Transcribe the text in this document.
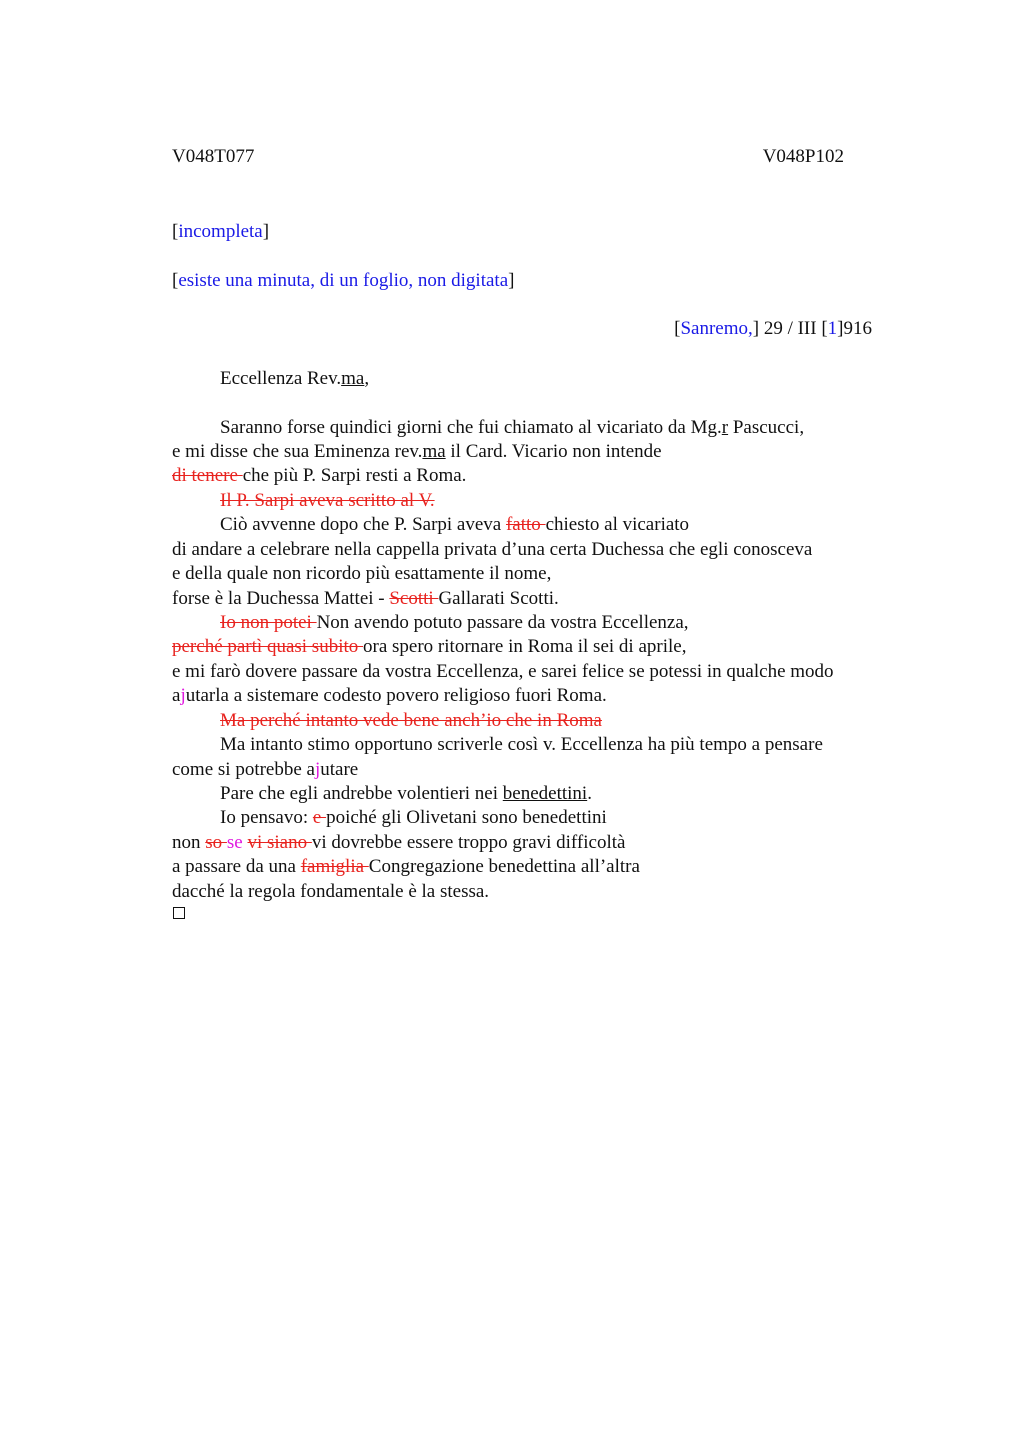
V048T077	V048P102
[incompleta]
[esiste una minuta, di un foglio, non digitata]
[Sanremo,] 29 / III [1]916
Eccellenza Rev.ma,
Saranno forse quindici giorni che fui chiamato al vicariato da Mg.r Pascucci,
e mi disse che sua Eminenza rev.ma il Card. Vicario non intende
di tenere che più P. Sarpi resti a Roma.
Il P. Sarpi aveva scritto al V.
Ciò avvenne dopo che P. Sarpi aveva fatto chiesto al vicariato
di andare a celebrare nella cappella privata d’una certa Duchessa che egli conosceva
e della quale non ricordo più esattamente il nome,
forse è la Duchessa Mattei - Scotti Gallarati Scotti.
Io non potei Non avendo potuto passare da vostra Eccellenza,
perché partì quasi subito ora spero ritornare in Roma il sei di aprile,
e mi farò dovere passare da vostra Eccellenza, e sarei felice se potessi in qualche modo
ajutarla a sistemare codesto povero religioso fuori Roma.
Ma perché intanto vede bene anch’io che in Roma
Ma intanto stimo opportuno scriverle così v. Eccellenza ha più tempo a pensare
come si potrebbe ajutare
Pare che egli andrebbe volentieri nei benedettini.
Io pensavo: e poiché gli Olivetani sono benedettini
non so se vi siano vi dovrebbe essere troppo gravi difficoltà
a passare da una famiglia Congregazione benedettina all’altra
dacché la regola fondamentale è la stessa.
